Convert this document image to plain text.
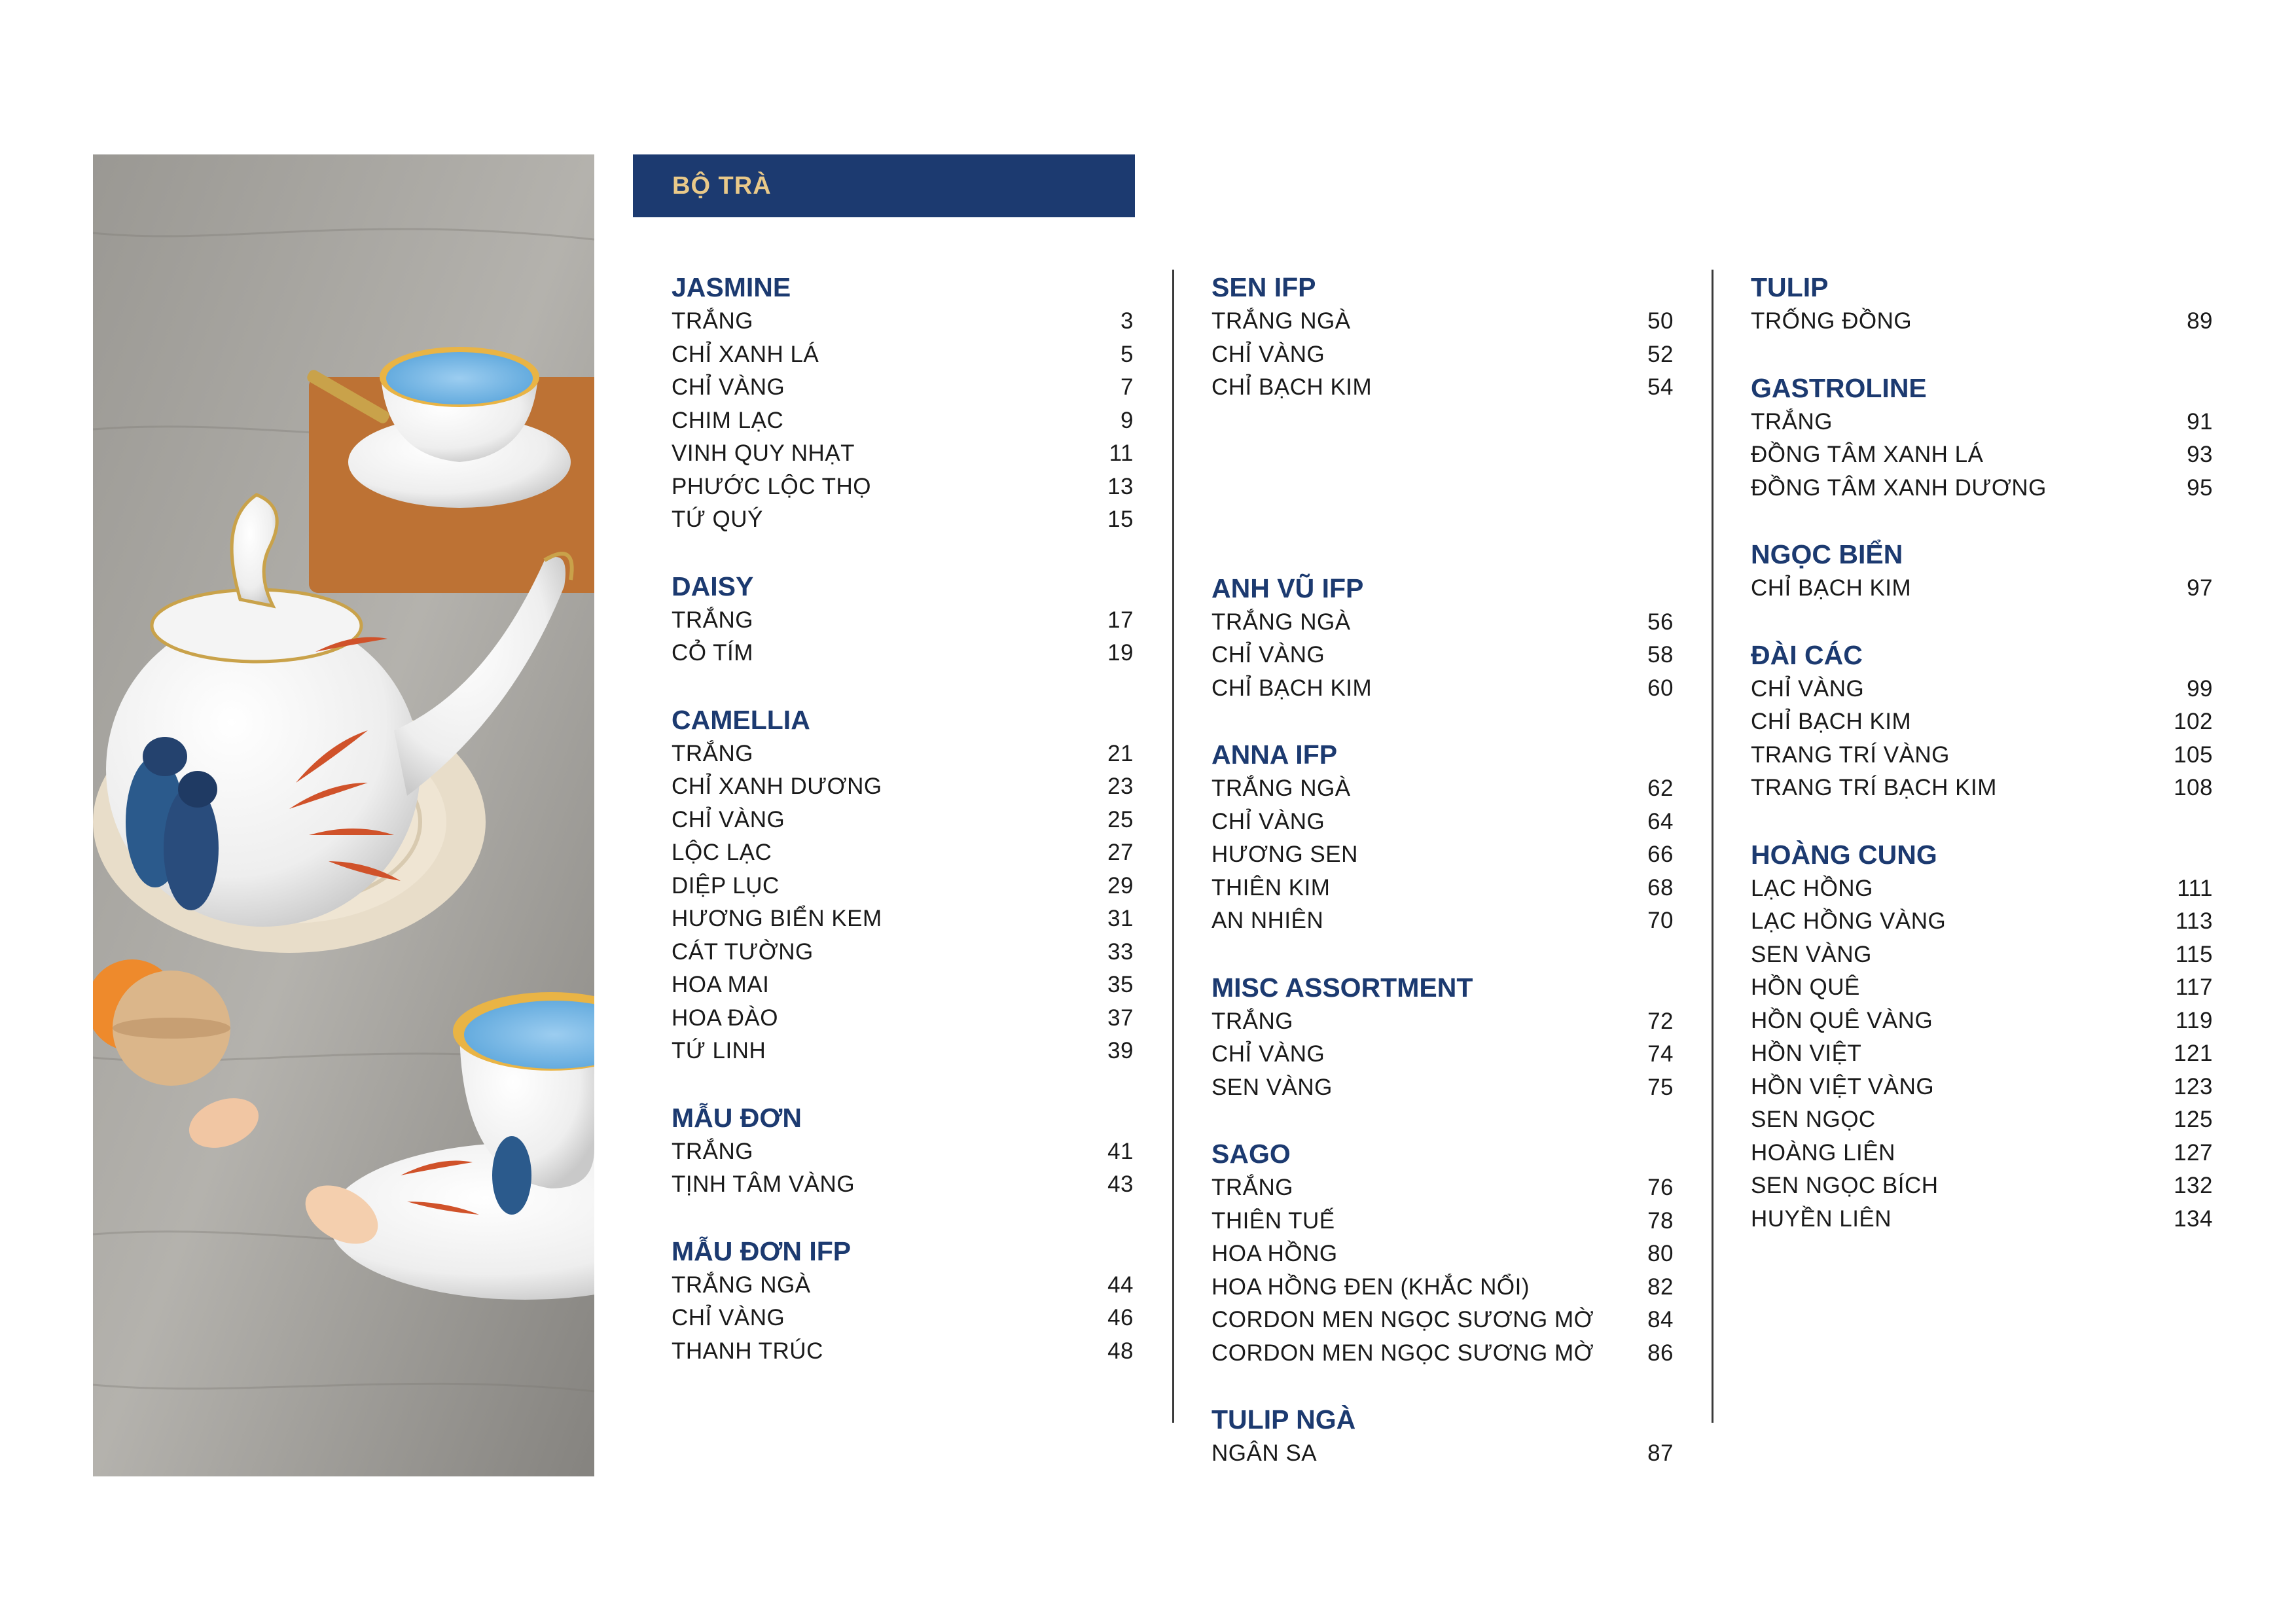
BỘ TRÀ
JASMINE
TRẮNG	3
CHỈ XANH LÁ	5
CHỈ VÀNG	7
CHIM LẠC	9
VINH QUY NHẠT	11
PHƯỚC LỘC THỌ	13
TỨ QUÝ	15
DAISY
TRẮNG	17
CỎ TÍM	19
CAMELLIA
TRẮNG	21
CHỈ XANH DƯƠNG	23
CHỈ VÀNG	25
LỘC LẠC	27
DIỆP LỤC	29
HƯƠNG BIỂN KEM	31
CÁT TƯỜNG	33
HOA MAI	35
HOA ĐÀO	37
TỨ LINH	39
MẪU ĐƠN
TRẮNG	41
TỊNH TÂM VÀNG	43
MẪU ĐƠN IFP
TRẮNG NGÀ	44
CHỈ VÀNG	46
THANH TRÚC	48
SEN IFP
TRẮNG NGÀ	50
CHỈ VÀNG	52
CHỈ BẠCH KIM	54
ANH VŨ IFP
TRẮNG NGÀ	56
CHỈ VÀNG	58
CHỈ BẠCH KIM	60
ANNA IFP
TRẮNG NGÀ	62
CHỈ VÀNG	64
HƯƠNG SEN	66
THIÊN KIM	68
AN NHIÊN	70
MISC ASSORTMENT
TRẮNG	72
CHỈ VÀNG	74
SEN VÀNG	75
SAGO
TRẮNG	76
THIÊN TUẾ	78
HOA HỒNG	80
HOA HỒNG ĐEN (KHẮC NỔI)	82
CORDON MEN NGỌC SƯƠNG MỜ 84
CORDON MEN NGỌC SƯƠNG MỜ 86
TULIP NGÀ
NGÂN SA	87
TULIP
TRỐNG ĐỒNG	89
GASTROLINE
TRẮNG	91
ĐỒNG TÂM XANH LÁ	93
ĐỒNG TÂM XANH DƯƠNG	95
NGỌC BIỂN
CHỈ BẠCH KIM	97
ĐÀI CÁC
CHỈ VÀNG	99
CHỈ BẠCH KIM	102
TRANG TRÍ VÀNG	105
TRANG TRÍ BẠCH KIM	108
HOÀNG CUNG
LẠC HỒNG	111
LẠC HỒNG VÀNG	113
SEN VÀNG	115
HỒN QUÊ	117
HỒN QUÊ VÀNG	119
HỒN VIỆT	121
HỒN VIỆT VÀNG	123
SEN NGỌC	125
HOÀNG LIÊN	127
SEN NGỌC BÍCH	132
HUYỀN LIÊN	134
